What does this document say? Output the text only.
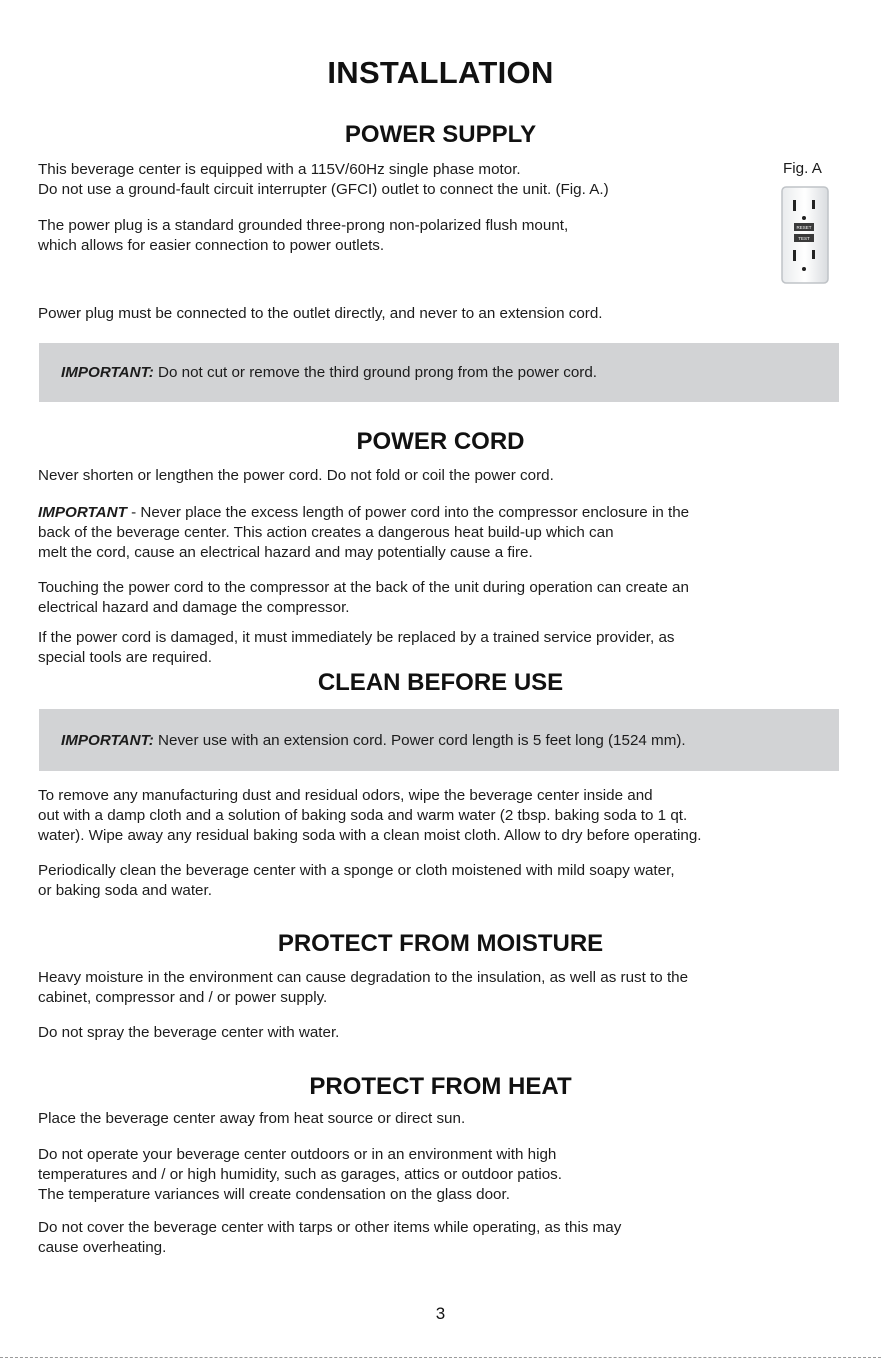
INSTALLATION
POWER SUPPLY
This beverage center is equipped with a 115V/60Hz single phase motor.
Do not use a ground-fault circuit interrupter (GFCI) outlet to connect the unit. (Fig. A.)
The power plug is a standard grounded three-prong non-polarized flush mount,
which allows for easier connection to power outlets.
Fig. A
RESET
TEST
Power plug must be connected to the outlet directly, and never to an extension cord.
IMPORTANT: Do not cut or remove the third ground prong from the power cord.
POWER CORD
Never shorten or lengthen the power cord. Do not fold or coil the power cord.
IMPORTANT - Never place the excess length of power cord into the compressor enclosure in the
back of the beverage center. This action creates a dangerous heat build-up which can
melt the cord, cause an electrical hazard and may potentially cause a fire.
Touching the power cord to the compressor at the back of the unit during operation can create an
electrical hazard and damage the compressor.
If the power cord is damaged, it must immediately be replaced by a trained service provider, as
special tools are required.
CLEAN BEFORE USE
IMPORTANT: Never use with an extension cord. Power cord length is 5 feet long (1524 mm).
To remove any manufacturing dust and residual odors, wipe the beverage center inside and
out with a damp cloth and a solution of baking soda and warm water (2 tbsp. baking soda to 1 qt.
water). Wipe away any residual baking soda with a clean moist cloth. Allow to dry before operating.
Periodically clean the beverage center with a sponge or cloth moistened with mild soapy water,
or baking soda and water.
PROTECT FROM MOISTURE
Heavy moisture in the environment can cause degradation to the insulation, as well as rust to the
cabinet, compressor and / or power supply.
Do not spray the beverage center with water.
PROTECT FROM HEAT
Place the beverage center away from heat source or direct sun.
Do not operate your beverage center outdoors or in an environment with high
temperatures and / or high humidity, such as garages, attics or outdoor patios.
The temperature variances will create condensation on the glass door.
Do not cover the beverage center with tarps or other items while operating, as this may
cause overheating.
3
